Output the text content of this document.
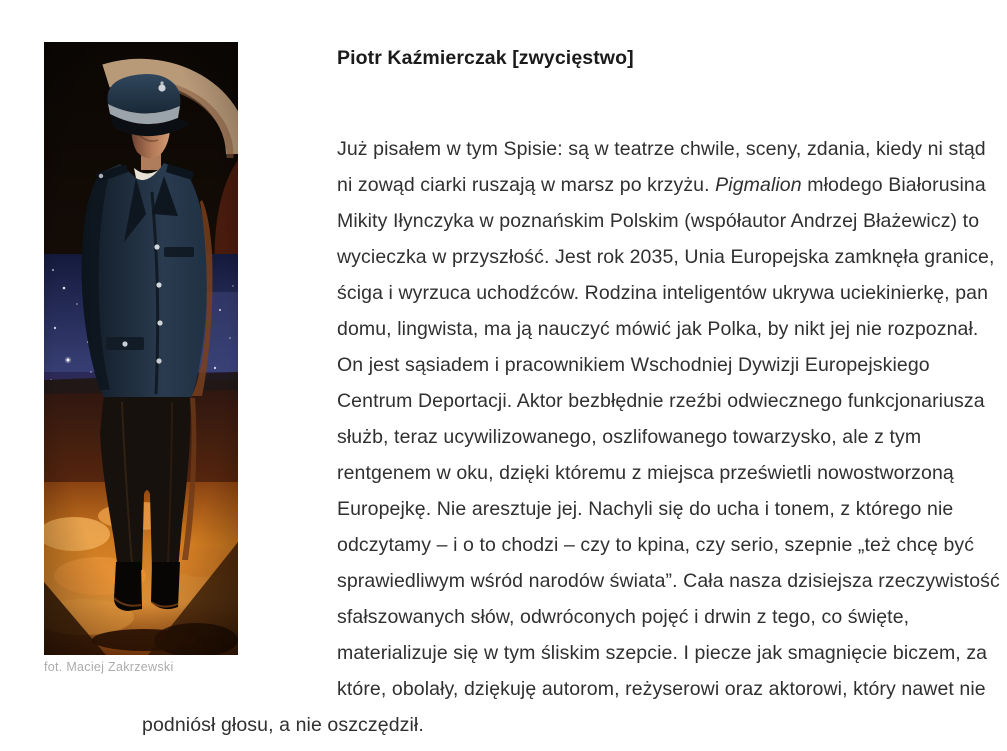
fot. Maciej Zakrzewski
Piotr Kaźmierczak [zwycięstwo]
Już pisałem w tym Spisie: są w teatrze chwile, sceny, zdania, kiedy ni stąd
ni zowąd ciarki ruszają w marsz po krzyżu. Pigmalion młodego Białorusina
Mikity Iłynczyka w poznańskim Polskim (współautor Andrzej Błażewicz) to
wycieczka w przyszłość. Jest rok 2035, Unia Europejska zamknęła granice,
ściga i wyrzuca uchodźców. Rodzina inteligentów ukrywa uciekinierkę, pan
domu, lingwista, ma ją nauczyć mówić jak Polka, by nikt jej nie rozpoznał.
On jest sąsiadem i pracownikiem Wschodniej Dywizji Europejskiego
Centrum Deportacji. Aktor bezbłędnie rzeźbi odwiecznego funkcjonariusza
służb, teraz ucywilizowanego, oszlifowanego towarzysko, ale z tym
rentgenem w oku, dzięki któremu z miejsca prześwietli nowostworzoną
Europejkę. Nie aresztuje jej. Nachyli się do ucha i tonem, z którego nie
odczytamy – i o to chodzi – czy to kpina, czy serio, szepnie „też chcę być
sprawiedliwym wśród narodów świata”. Cała nasza dzisiejsza rzeczywistość
sfałszowanych słów, odwróconych pojęć i drwin z tego, co święte,
materializuje się w tym śliskim szepcie. I piecze jak smagnięcie biczem, za
które, obolały, dziękuję autorom, reżyserowi oraz aktorowi, który nawet nie
podniósł głosu, a nie oszczędził.
